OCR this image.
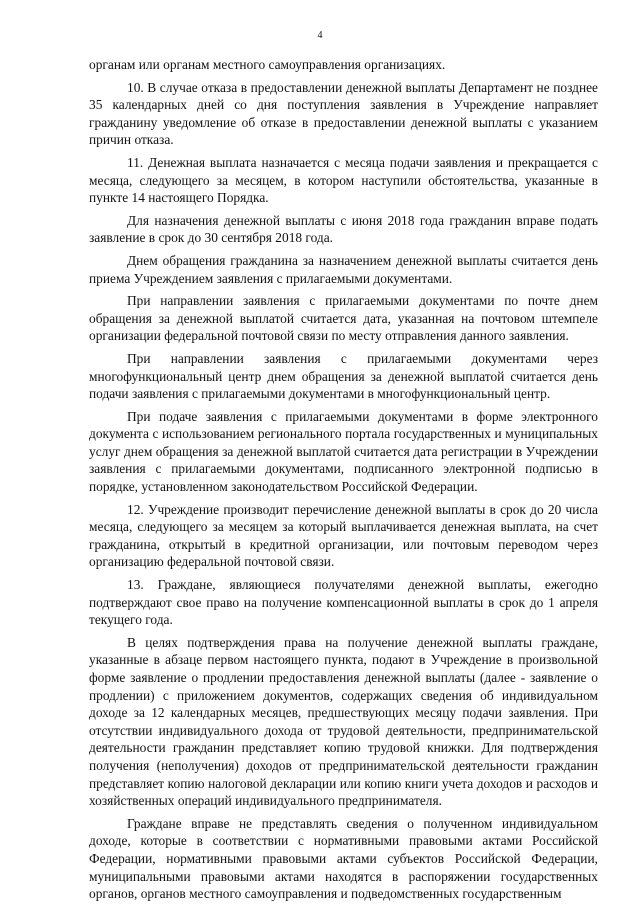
4

органам или органам местного самоуправления организациях.

10. В случае отказа в предоставлении денежной выплаты Департамент не позднее 35 календарных дней со дня поступления заявления в Учреждение направляет гражданину уведомление об отказе в предоставлении денежной выплаты с указанием причин отказа.

11. Денежная выплата назначается с месяца подачи заявления и прекращается с месяца, следующего за месяцем, в котором наступили обстоятельства, указанные в пункте 14 настоящего Порядка.

Для назначения денежной выплаты с июня 2018 года гражданин вправе подать заявление в срок до 30 сентября 2018 года.

Днем обращения гражданина за назначением денежной выплаты считается день приема Учреждением заявления с прилагаемыми документами.

При направлении заявления с прилагаемыми документами по почте днем обращения за денежной выплатой считается дата, указанная на почтовом штемпеле организации федеральной почтовой связи по месту отправления данного заявления.

При направлении заявления с прилагаемыми документами через многофункциональный центр днем обращения за денежной выплатой считается день подачи заявления с прилагаемыми документами в многофункциональный центр.

При подаче заявления с прилагаемыми документами в форме электронного документа с использованием регионального портала государственных и муниципальных услуг днем обращения за денежной выплатой считается дата регистрации в Учреждении заявления с прилагаемыми документами, подписанного электронной подписью в порядке, установленном законодательством Российской Федерации.

12. Учреждение производит перечисление денежной выплаты в срок до 20 числа месяца, следующего за месяцем за который выплачивается денежная выплата, на счет гражданина, открытый в кредитной организации, или почтовым переводом через организацию федеральной почтовой связи.

13. Граждане, являющиеся получателями денежной выплаты, ежегодно подтверждают свое право на получение компенсационной выплаты в срок до 1 апреля текущего года.

В целях подтверждения права на получение денежной выплаты граждане, указанные в абзаце первом настоящего пункта, подают в Учреждение в произвольной форме заявление о продлении предоставления денежной выплаты (далее - заявление о продлении) с приложением документов, содержащих сведения об индивидуальном доходе за 12 календарных месяцев, предшествующих месяцу подачи заявления. При отсутствии индивидуального дохода от трудовой деятельности, предпринимательской деятельности гражданин представляет копию трудовой книжки. Для подтверждения получения (неполучения) доходов от предпринимательской деятельности гражданин представляет копию налоговой декларации или копию книги учета доходов и расходов и хозяйственных операций индивидуального предпринимателя.

Граждане вправе не представлять сведения о полученном индивидуальном доходе, которые в соответствии с нормативными правовыми актами Российской Федерации, нормативными правовыми актами субъектов Российской Федерации, муниципальными правовыми актами находятся в распоряжении государственных органов, органов местного самоуправления и подведомственных государственным
